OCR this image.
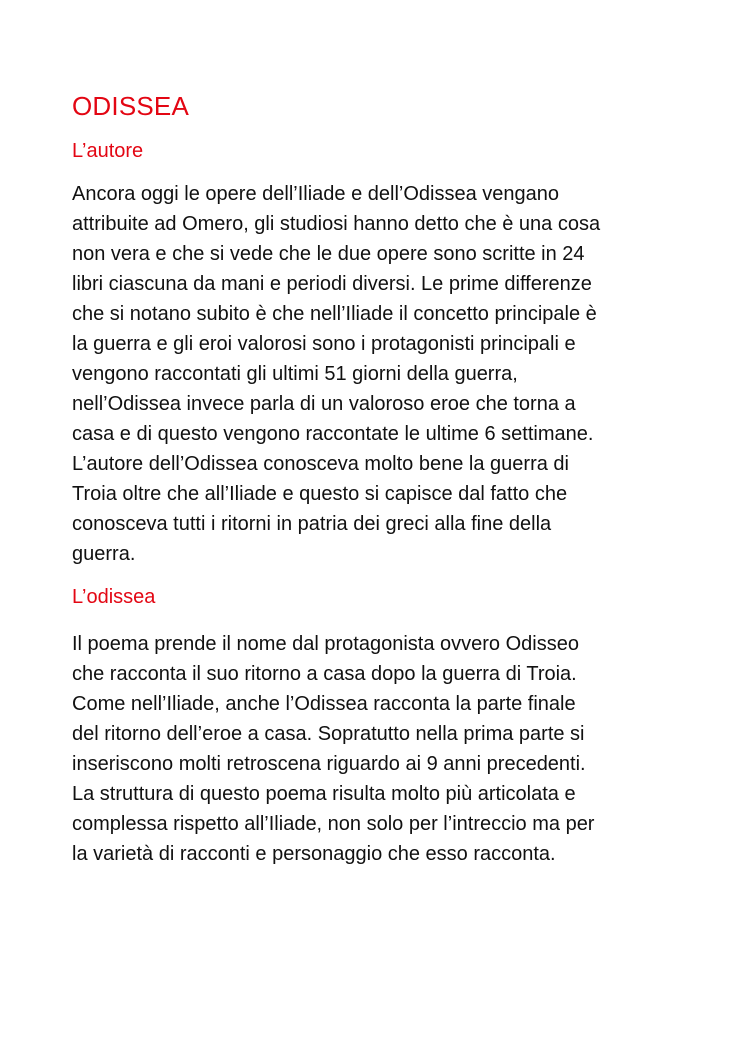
ODISSEA
L’autore

Ancora oggi le opere dell’Iliade e dell’Odissea vengano
attribuite ad Omero, gli studiosi hanno detto che è una cosa
non vera e che si vede che le due opere sono scritte in 24
libri ciascuna da mani e periodi diversi. Le prime differenze
che si notano subito è che nell’Iliade il concetto principale è
la guerra e gli eroi valorosi sono i protagonisti principali e
vengono raccontati gli ultimi 51 giorni della guerra,
nell’Odissea invece parla di un valoroso eroe che torna a
casa e di questo vengono raccontate le ultime 6 settimane.
L’autore dell’Odissea conosceva molto bene la guerra di
Troia oltre che all’Iliade e questo si capisce dal fatto che
conosceva tutti i ritorni in patria dei greci alla fine della
guerra.

L’odissea

Il poema prende il nome dal protagonista ovvero Odisseo
che racconta il suo ritorno a casa dopo la guerra di Troia.
Come nell’Iliade, anche l’Odissea racconta la parte finale
del ritorno dell’eroe a casa. Sopratutto nella prima parte si
inseriscono molti retroscena riguardo ai 9 anni precedenti.
La struttura di questo poema risulta molto più articolata e
complessa rispetto all’Iliade, non solo per l’intreccio ma per
la varietà di racconti e personaggio che esso racconta.
